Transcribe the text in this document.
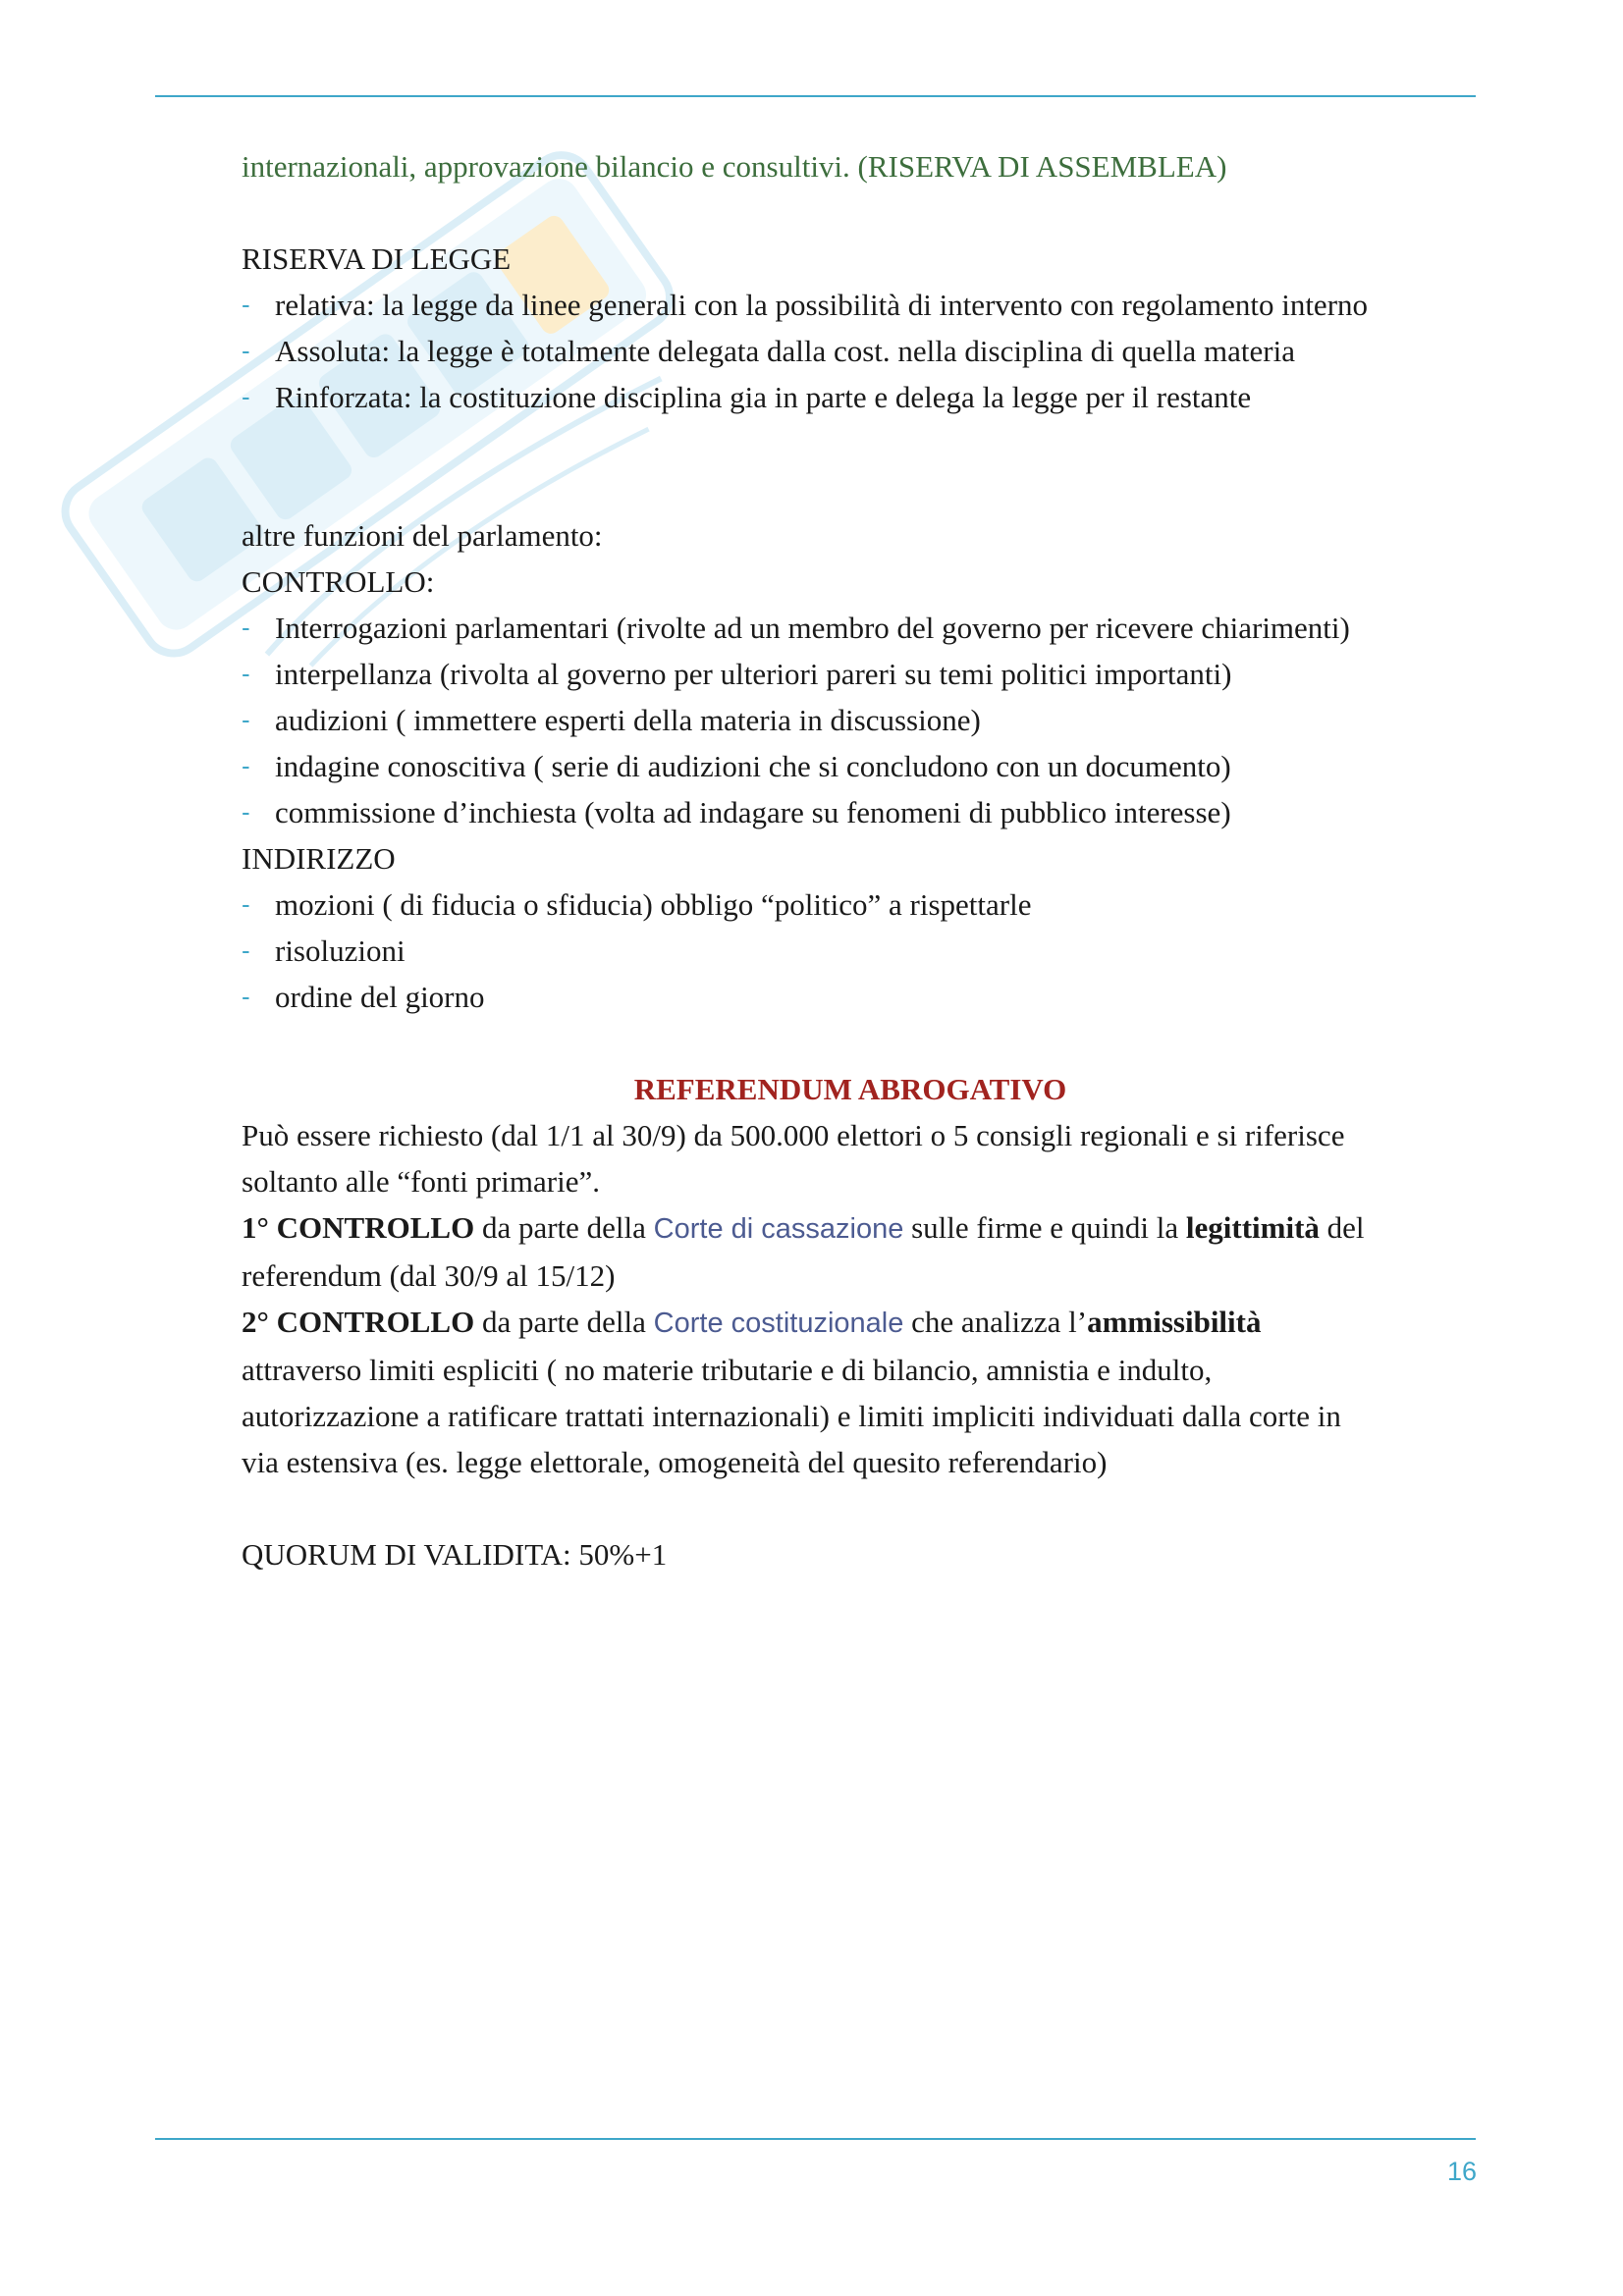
internazionali, approvazione bilancio e consultivi. (RISERVA DI ASSEMBLEA)
RISERVA DI LEGGE
- relativa: la legge da linee generali con la possibilità di intervento con regolamento interno
- Assoluta: la legge è totalmente delegata dalla cost. nella disciplina di quella materia
- Rinforzata: la costituzione disciplina gia in parte e delega la legge per il restante
altre funzioni del parlamento:
CONTROLLO:
- Interrogazioni parlamentari (rivolte ad un membro del governo per ricevere chiarimenti)
- interpellanza (rivolta al governo per ulteriori pareri su temi politici importanti)
- audizioni ( immettere esperti della materia in discussione)
- indagine conoscitiva ( serie di audizioni che si concludono con un documento)
- commissione d’inchiesta (volta ad indagare su fenomeni di pubblico interesse)
INDIRIZZO
- mozioni ( di fiducia o sfiducia) obbligo “politico” a rispettarle
- risoluzioni
- ordine del giorno
REFERENDUM ABROGATIVO
Può essere richiesto (dal 1/1 al 30/9) da 500.000 elettori o 5 consigli regionali e si riferisce
soltanto alle “fonti primarie”.
1° CONTROLLO da parte della Corte di cassazione sulle firme e quindi la legittimità del
referendum (dal 30/9 al 15/12)
2° CONTROLLO da parte della Corte costituzionale che analizza l’ammissibilità
attraverso limiti espliciti ( no materie tributarie e di bilancio, amnistia e indulto,
autorizzazione a ratificare trattati internazionali) e limiti impliciti individuati dalla corte in
via estensiva (es. legge elettorale, omogeneità del quesito referendario)
QUORUM DI VALIDITA: 50%+1
16
